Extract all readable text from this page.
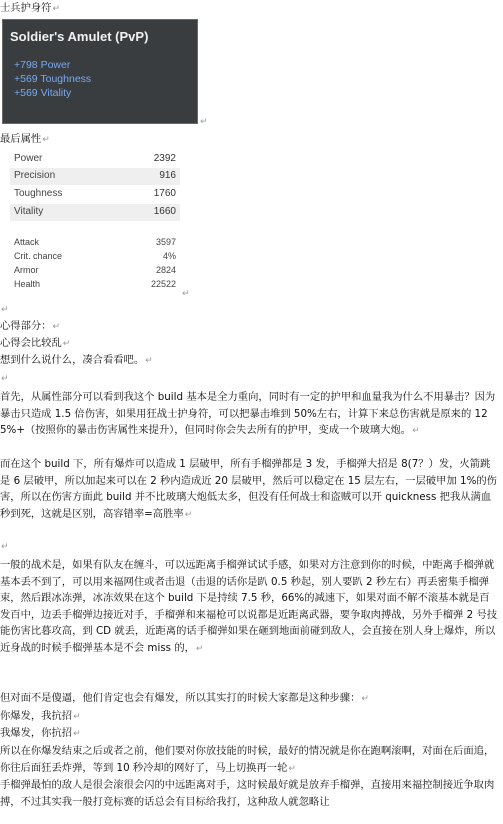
士兵护身符↵
Soldier's Amulet (PvP)
+798 Power
+569 Toughness
+569 Vitality
↵
最后属性↵
Power	2392
Precision	916
Toughness	1760
Vitality	1660
Attack	3597
Crit. chance	4%
Armor	2824
Health	22522
↵
↵
心得部分：↵
心得会比较乱↵
想到什么说什么，凑合看看吧。↵
↵
首先，从属性部分可以看到我这个 build 基本是全力重向，同时有一定的护甲和血量我为什么不用暴击？因为暴击只造成 1.5 倍伤害，如果用狂战士护身符，可以把暴击堆到 50%左右，计算下来总伤害就是原来的 125%+（按照你的暴击伤害属性来提升），但同时你会失去所有的护甲，变成一个玻璃大炮。↵
而在这个 build 下，所有爆炸可以造成 1 层破甲，所有手榴弹都是 3 发，手榴弹大招是 8(7？）发，火箭跳是 6 层破甲，所以加起来可以在 2 秒内造成近 20 层破甲，然后可以稳定在 15 层左右，一层破甲加 1%的伤害，所以在伤害方面此 build 并不比玻璃大炮低太多，但没有任何战士和盗贼可以开 quickness 把我从满血秒到死，这就是区别，高容错率=高胜率↵
↵
一般的战术是，如果有队友在缠斗，可以远距离手榴弹试试手感，如果对方注意到你的时候，中距离手榴弹就基本丢不到了，可以用来福网住或者击退（击退的话你是趴 0.5 秒起，别人要趴 2 秒左右）再丢密集手榴弹束，然后跟冰冻弹，冰冻效果在这个 build 下是持续 7.5 秒，66%的减速下，如果对面不解不滚基本就是百发百中，边丢手榴弹边接近对手，手榴弹和来福枪可以说都是近距离武器，要争取肉搏战，另外手榴弹 2 号技能伤害比暮攻高，到 CD 就丢，近距离的话手榴弹如果在砸到地面前碰到敌人，会直接在别人身上爆炸，所以近身战的时候手榴弹基本是不会 miss 的，↵
但对面不是傻逼，他们肯定也会有爆发，所以其实打的时候大家都是这种步骤：↵
你爆发，我抗招↵
我爆发，你抗招↵
所以在你爆发结束之后或者之前，他们要对你放技能的时候，最好的情况就是你在跑啊滚啊，对面在后面追，你往后面狂丢炸弹，等到 10 秒冷却的网好了，马上切换再一轮↵
手榴弹最怕的敌人是很会滚很会闪的中远距离对手，这时候最好就是放弃手榴弹，直接用来福控制接近争取肉搏，不过其实我一般打竞标赛的话总会有目标给我打，这种敌人就忽略让
